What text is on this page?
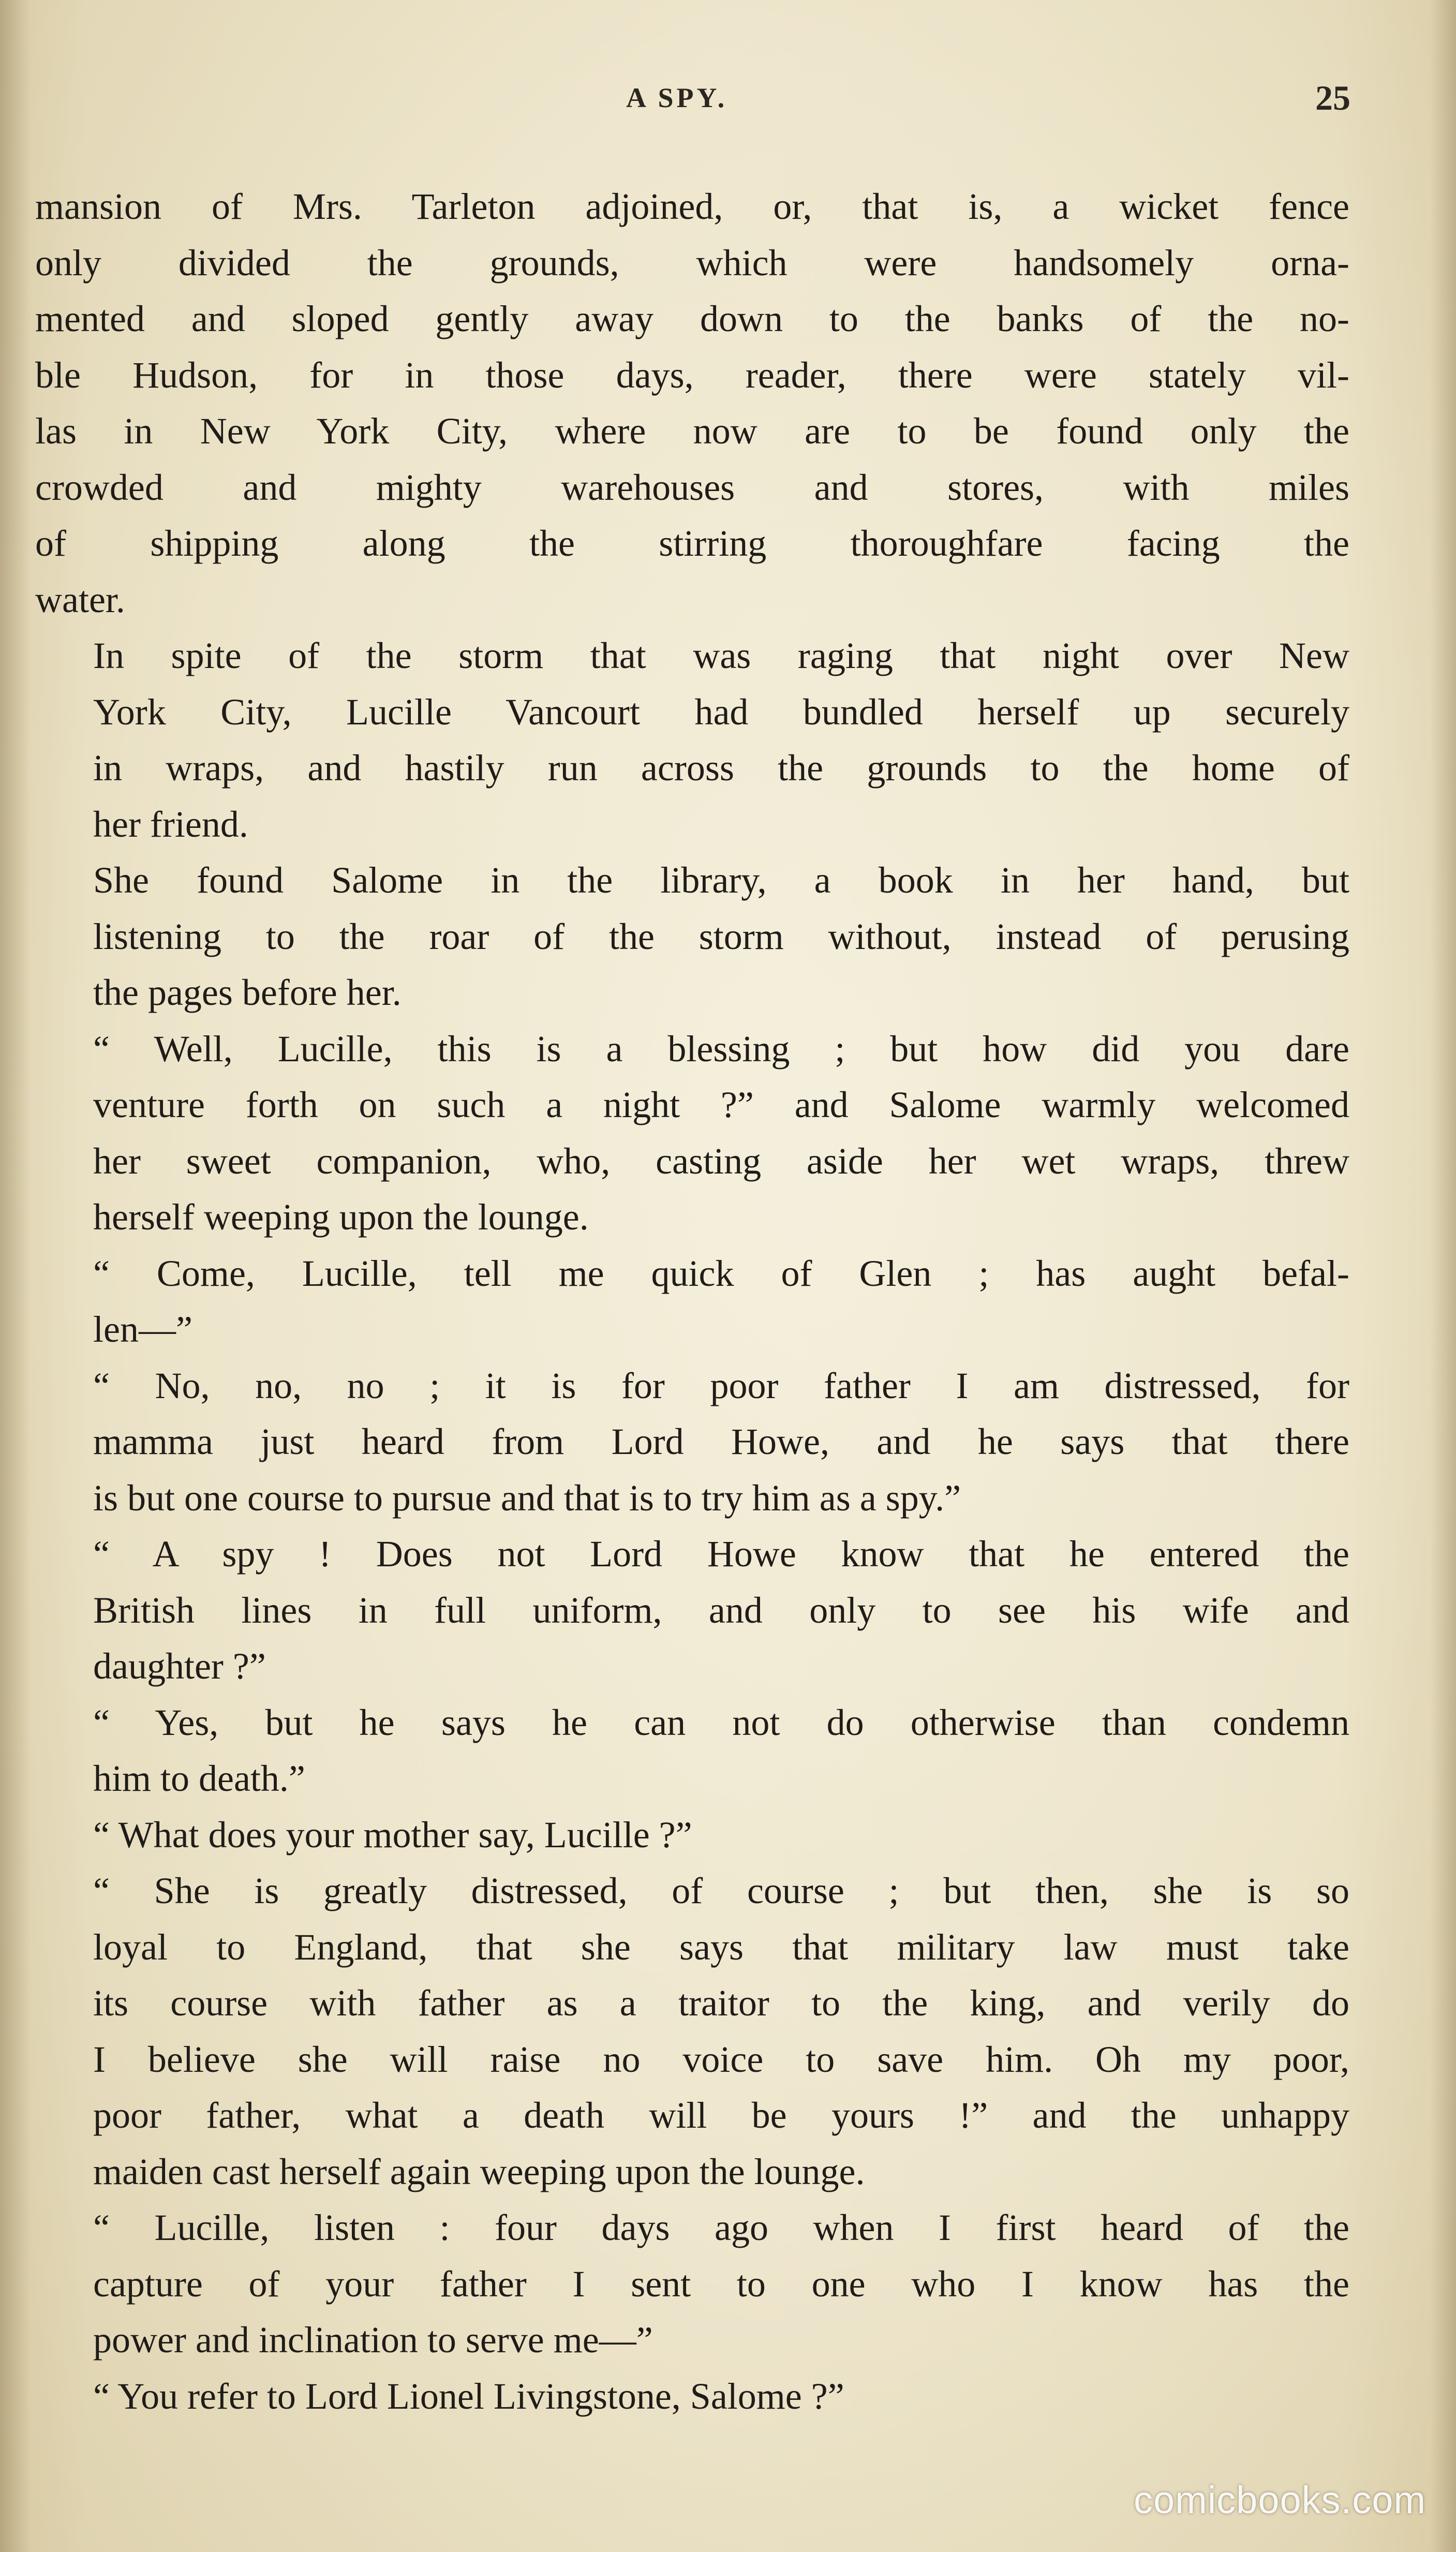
A SPY.	25

mansion of Mrs. Tarleton adjoined, or, that is, a wicket fence
only divided the grounds, which were handsomely orna-
mented and sloped gently away down to the banks of the no-
ble Hudson, for in those days, reader, there were stately vil-
las in New York City, where now are to be found only the
crowded and mighty warehouses and stores, with miles
of shipping along the stirring thoroughfare facing the
water.

In spite of the storm that was raging that night over New
York City, Lucille Vancourt had bundled herself up securely
in wraps, and hastily run across the grounds to the home of
her friend.

She found Salome in the library, a book in her hand, but
listening to the roar of the storm without, instead of perusing
the pages before her.

“ Well, Lucille, this is a blessing ; but how did you dare
venture forth on such a night ?” and Salome warmly welcomed
her sweet companion, who, casting aside her wet wraps, threw
herself weeping upon the lounge.

“ Come, Lucille, tell me quick of Glen ; has aught befal-
len—”

“ No, no, no ; it is for poor father I am distressed, for
mamma just heard from Lord Howe, and he says that there
is but one course to pursue and that is to try him as a spy.”

“ A spy ! Does not Lord Howe know that he entered the
British lines in full uniform, and only to see his wife and
daughter ?”

“ Yes, but he says he can not do otherwise than condemn
him to death.”

“ What does your mother say, Lucille ?”

“ She is greatly distressed, of course ; but then, she is so
loyal to England, that she says that military law must take
its course with father as a traitor to the king, and verily do
I believe she will raise no voice to save him. Oh my poor,
poor father, what a death will be yours !” and the unhappy
maiden cast herself again weeping upon the lounge.

“ Lucille, listen : four days ago when I first heard of the
capture of your father I sent to one who I know has the
power and inclination to serve me—”

“ You refer to Lord Lionel Livingstone, Salome ?”

comicbooks.com
